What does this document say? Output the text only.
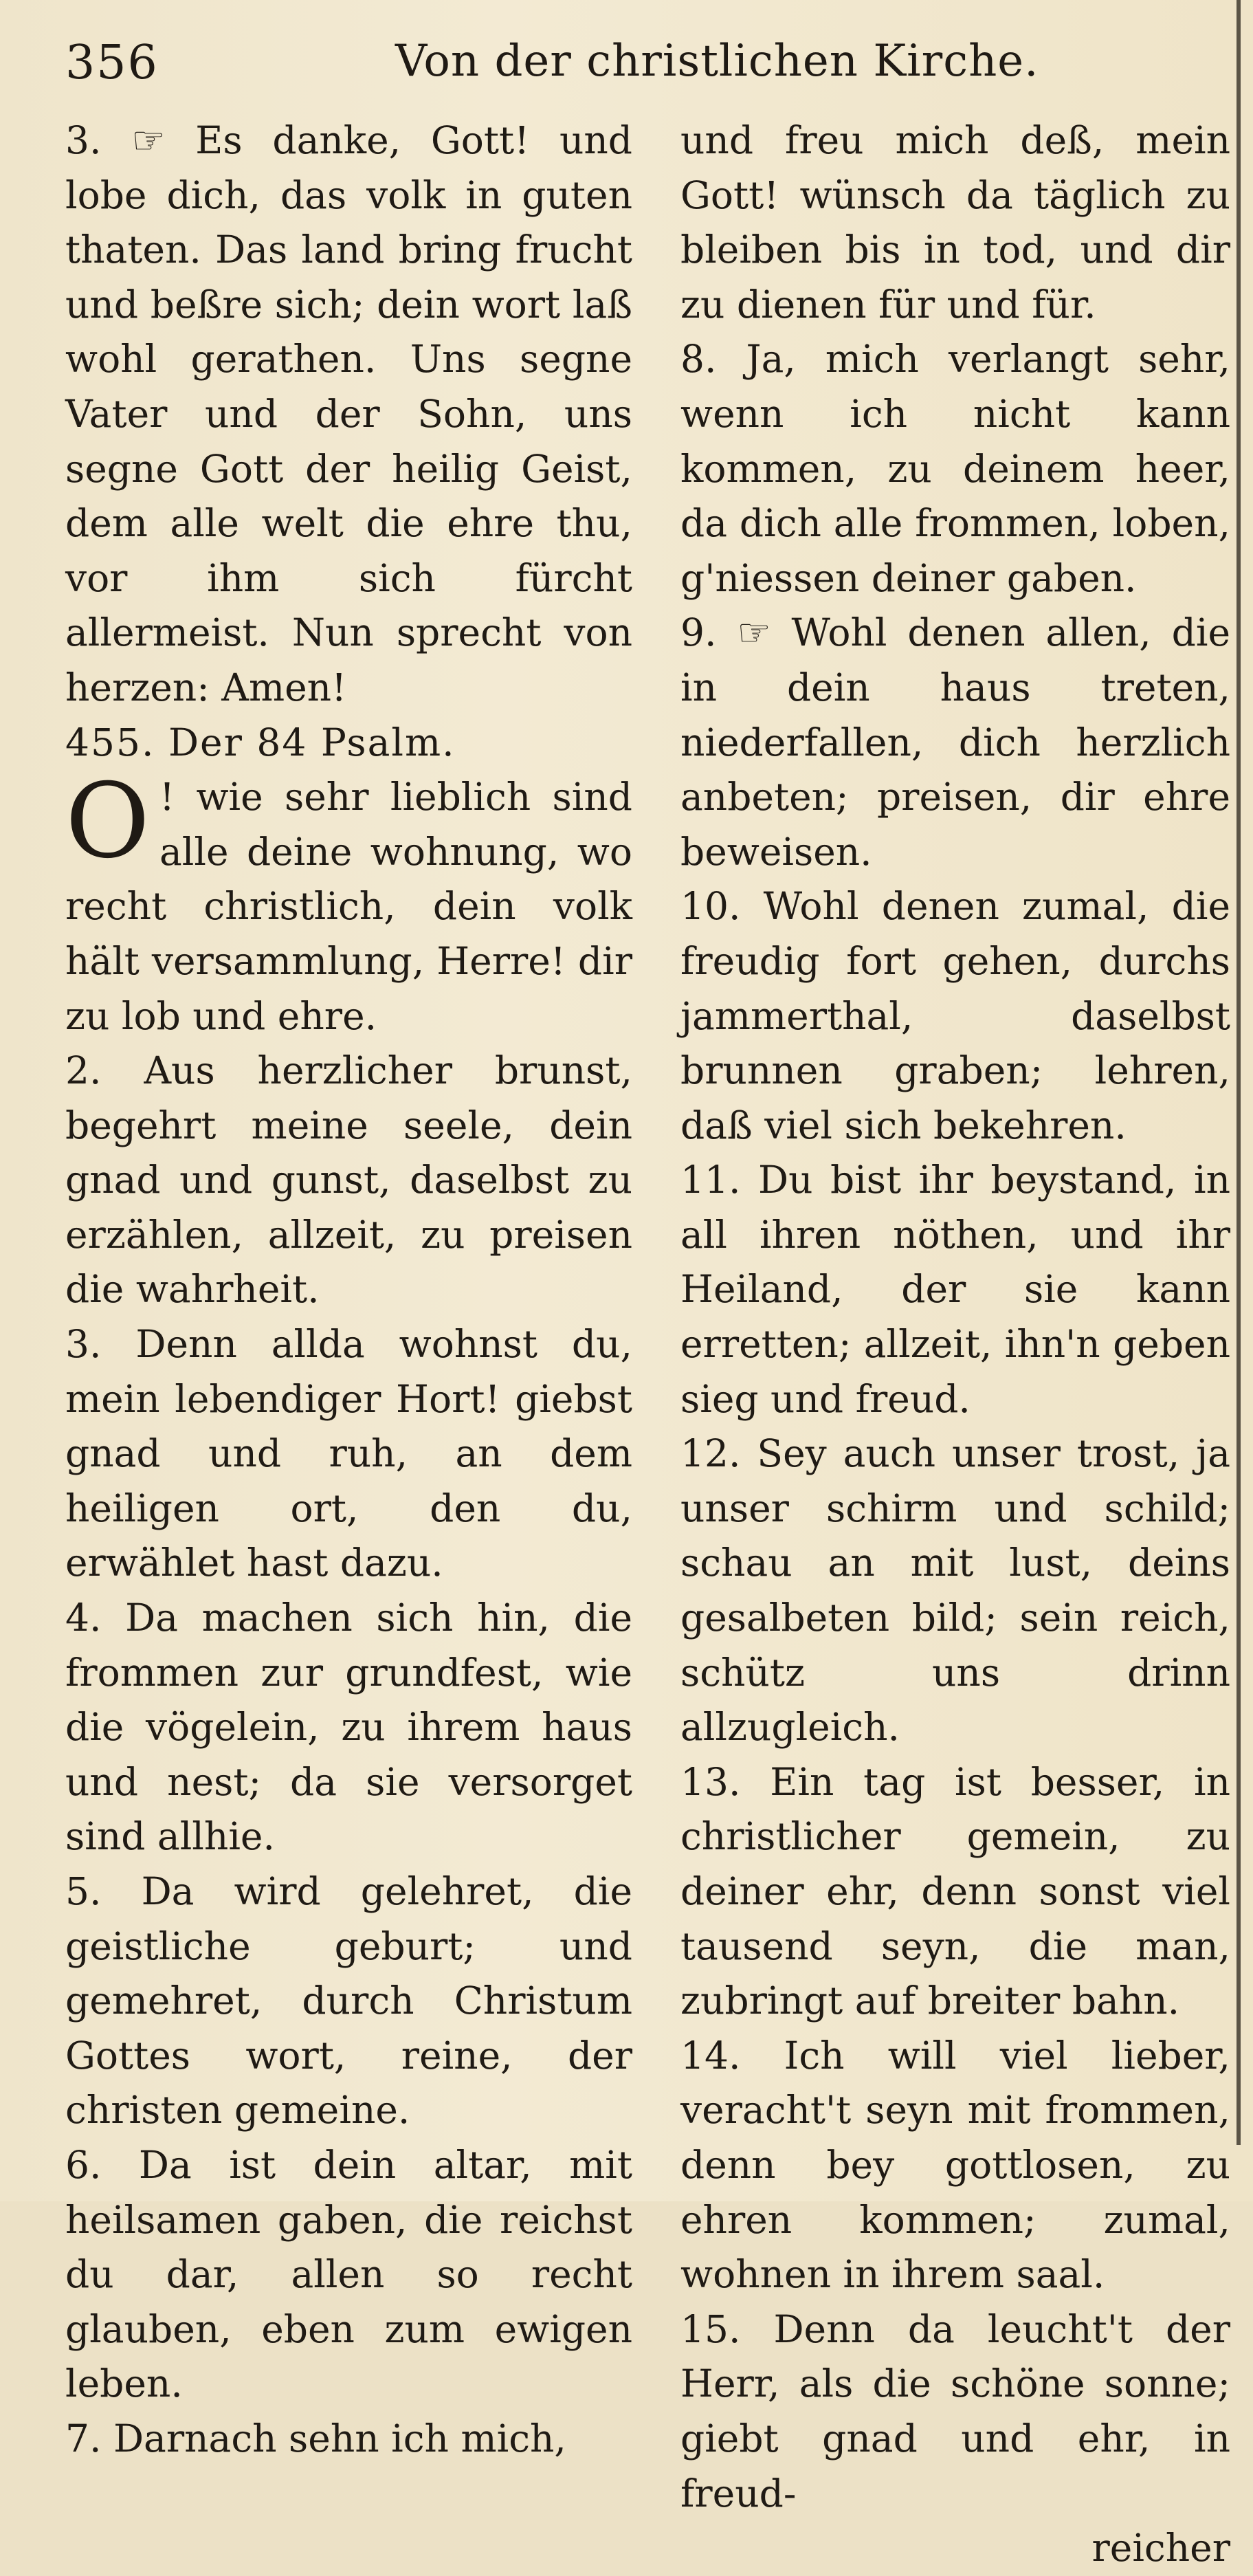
356	Von der christlichen Kirche.

3. ☞ Es danke, Gott! und lobe dich, das volk in guten thaten. Das land bring frucht und beßre sich; dein wort laß wohl gerathen. Uns segne Vater und der Sohn, uns segne Gott der heilig Geist, dem alle welt die ehre thu, vor ihm sich fürcht allermeist. Nun sprecht von herzen: Amen!

455. Der 84 Psalm.

O ! wie sehr lieblich sind alle deine wohnung, wo recht christlich, dein volk hält versammlung, Herre! dir zu lob und ehre.

2. Aus herzlicher brunst, begehrt meine seele, dein gnad und gunst, daselbst zu erzählen, allzeit, zu preisen die wahrheit.

3. Denn allda wohnst du, mein lebendiger Hort! giebst gnad und ruh, an dem heiligen ort, den du, erwählet hast dazu.

4. Da machen sich hin, die frommen zur grundfest, wie die vögelein, zu ihrem haus und nest; da sie versorget sind allhie.

5. Da wird gelehret, die geistliche geburt; und gemehret, durch Christum Gottes wort, reine, der christen gemeine.

6. Da ist dein altar, mit heilsamen gaben, die reichst du dar, allen so recht glauben, eben zum ewigen leben.

7. Darnach sehn ich mich,

und freu mich deß, mein Gott! wünsch da täglich zu bleiben bis in tod, und dir zu dienen für und für.

8. Ja, mich verlangt sehr, wenn ich nicht kann kommen, zu deinem heer, da dich alle frommen, loben, g'niessen deiner gaben.

9. ☞ Wohl denen allen, die in dein haus treten, niederfallen, dich herzlich anbeten; preisen, dir ehre beweisen.

10. Wohl denen zumal, die freudig fort gehen, durchs jammerthal, daselbst brunnen graben; lehren, daß viel sich bekehren.

11. Du bist ihr beystand, in all ihren nöthen, und ihr Heiland, der sie kann erretten; allzeit, ihn'n geben sieg und freud.

12. Sey auch unser trost, ja unser schirm und schild; schau an mit lust, deins gesalbeten bild; sein reich, schütz uns drinn allzugleich.

13. Ein tag ist besser, in christlicher gemein, zu deiner ehr, denn sonst viel tausend seyn, die man, zubringt auf breiter bahn.

14. Ich will viel lieber, veracht't seyn mit frommen, denn bey gottlosen, zu ehren kommen; zumal, wohnen in ihrem saal.

15. Denn da leucht't der Herr, als die schöne sonne; giebt gnad und ehr, in freud-

reicher
